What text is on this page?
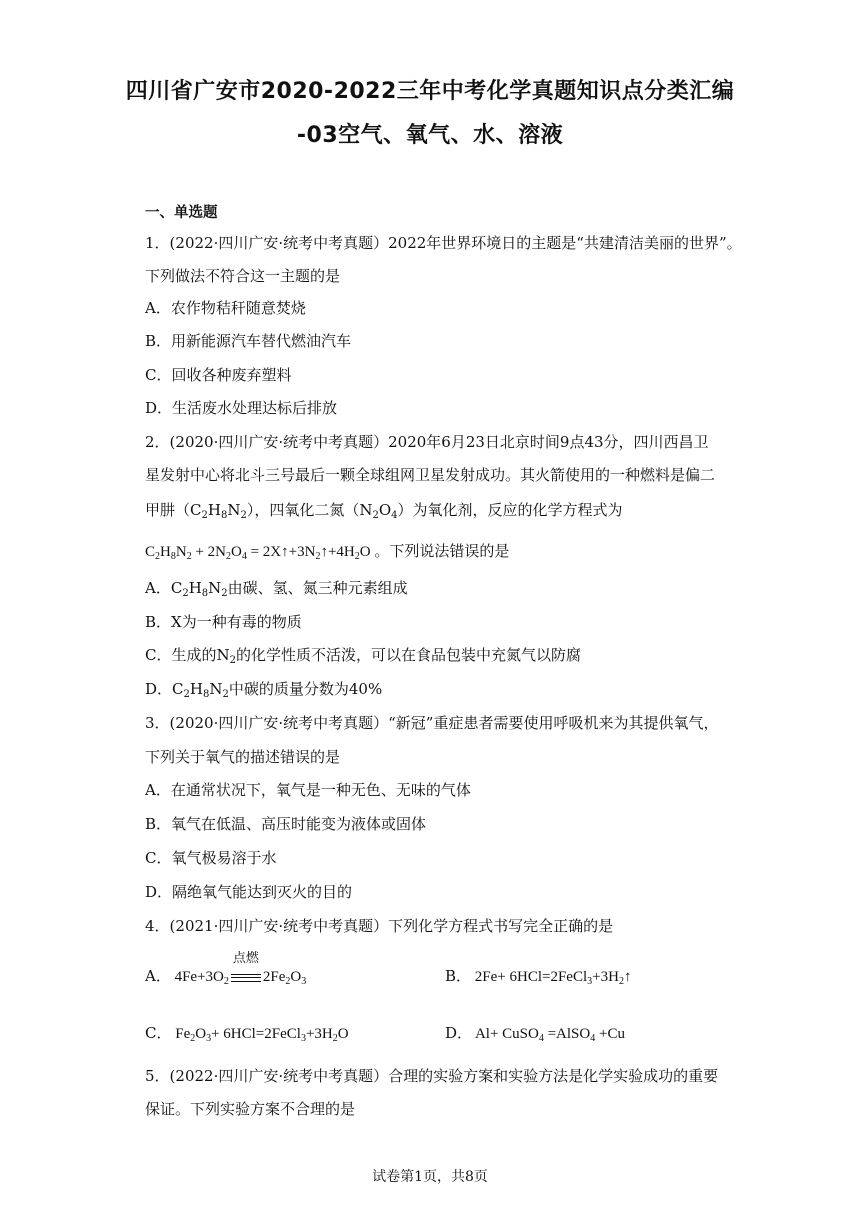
四川省广安市2020-2022三年中考化学真题知识点分类汇编
-03空气、氧气、水、溶液
一、单选题
1．(2022·四川广安·统考中考真题）2022年世界环境日的主题是“共建清洁美丽的世界”。
下列做法不符合这一主题的是
A．农作物秸秆随意焚烧
B．用新能源汽车替代燃油汽车
C．回收各种废弃塑料
D．生活废水处理达标后排放
2．(2020·四川广安·统考中考真题）2020年6月23日北京时间9点43分，四川西昌卫
星发射中心将北斗三号最后一颗全球组网卫星发射成功。其火箭使用的一种燃料是偏二
甲肼$(C_2H_8N_2)$，四氧化二氮$(N_2O_4)$为氧化剂，反应的化学方程式为
$C_2H_8N_2 + 2N_2O_4$ = $2X↑+3N_2↑+4H_2O$ 。下列说法错误的是
A．$C_2H_8N_2$由碳、氢、氮三种元素组成
B．X为一种有毒的物质
C．生成的$N_2$的化学性质不活泼，可以在食品包装中充氮气以防腐
D．$C_2H_8N_2$中碳的质量分数为40%
3．(2020·四川广安·统考中考真题）“新冠”重症患者需要使用呼吸机来为其提供氧气，
下列关于氧气的描述错误的是
A．在通常状况下，氧气是一种无色、无味的气体
B．氧气在低温、高压时能变为液体或固体
C．氧气极易溶于水
D．隔绝氧气能达到灭火的目的
4．(2021·四川广安·统考中考真题）下列化学方程式书写完全正确的是
A． $4Fe+3O_2$
点燃
$2Fe_2O_3$	B． $2Fe+ 6HCl=2FeCl_3+3H_2↑$
C． $Fe_2O_3+$ $6HCl=2FeCl_3+3H_2O$	D． Al+ CuSO$_4$ =AlSO$_4$ +Cu
5．(2022·四川广安·统考中考真题）合理的实验方案和实验方法是化学实验成功的重要
保证。下列实验方案不合理的是
试卷第1页，共8页
